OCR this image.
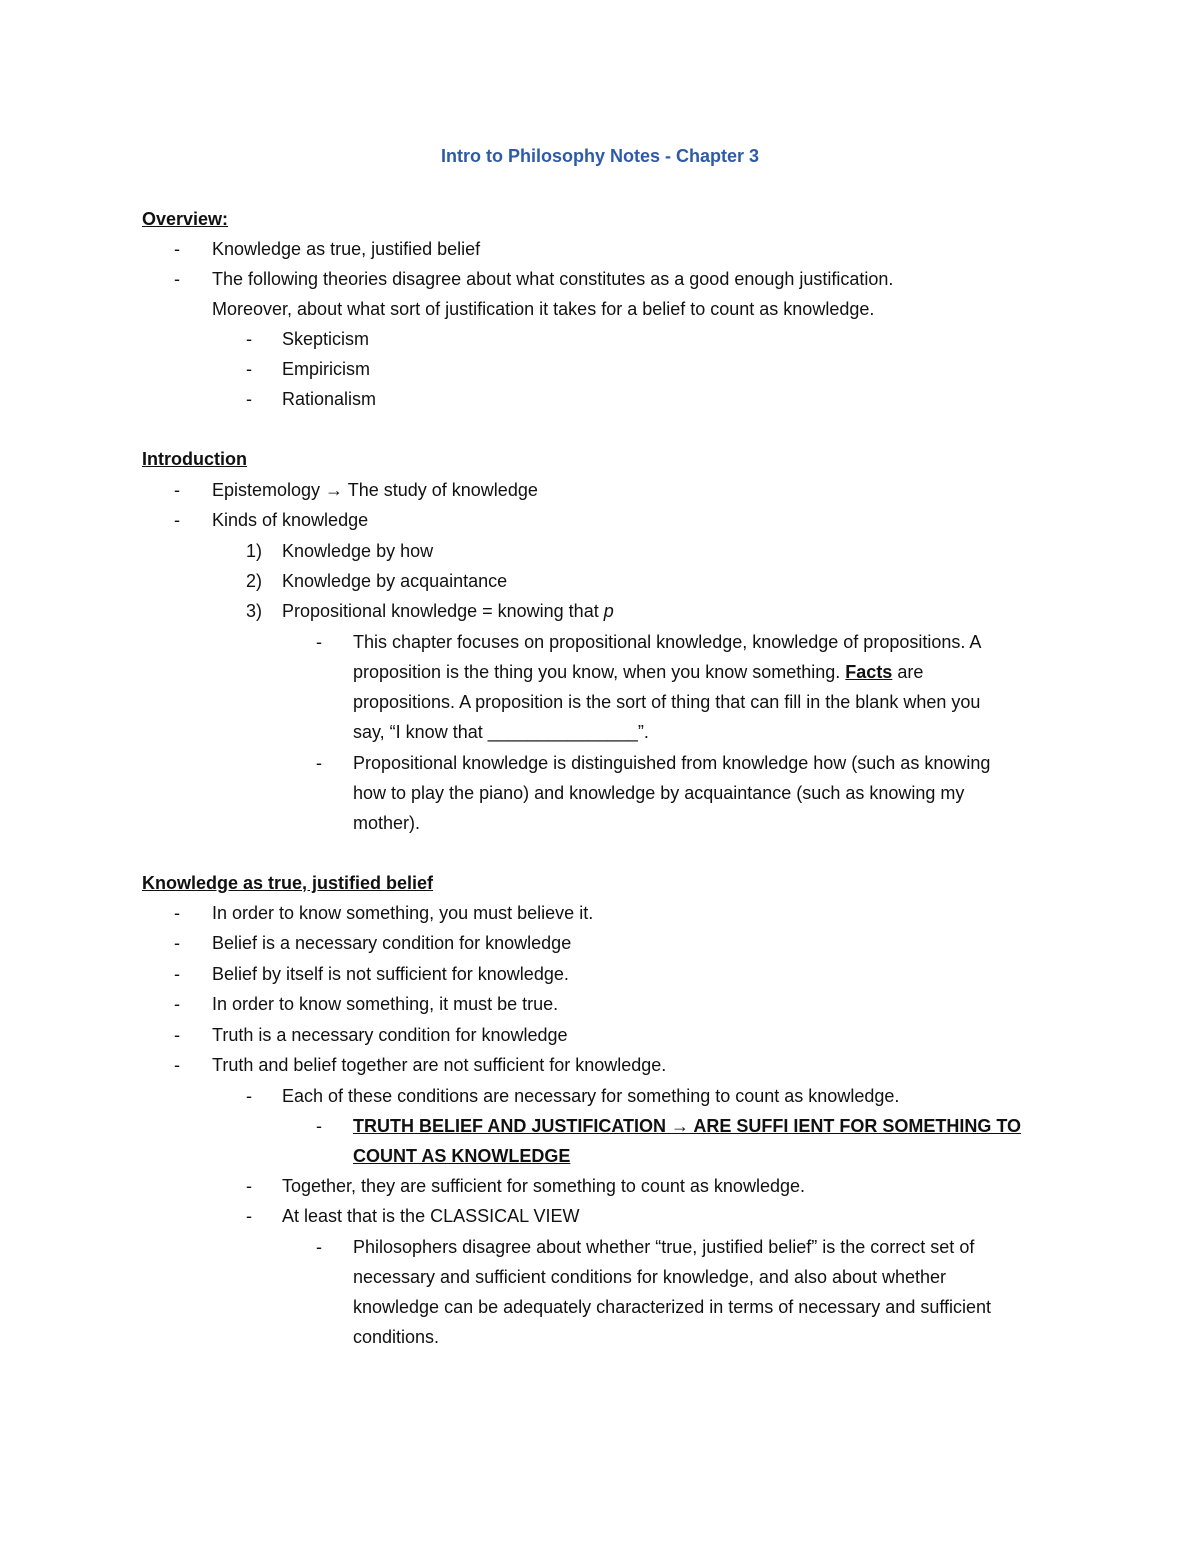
Intro to Philosophy Notes - Chapter 3
Overview:
- Knowledge as true, justified belief
- The following theories disagree about what constitutes as a good enough justification.
Moreover, about what sort of justification it takes for a belief to count as knowledge.
- Skepticism
- Empiricism
- Rationalism
Introduction
- Epistemology → The study of knowledge
- Kinds of knowledge
1) Knowledge by how
2) Knowledge by acquaintance
3) Propositional knowledge = knowing that p
- This chapter focuses on propositional knowledge, knowledge of propositions. A
proposition is the thing you know, when you know something. Facts are
propositions. A proposition is the sort of thing that can fill in the blank when you
say, “I know that _______________”.
- Propositional knowledge is distinguished from knowledge how (such as knowing
how to play the piano) and knowledge by acquaintance (such as knowing my
mother).
Knowledge as true, justified belief
- In order to know something, you must believe it.
- Belief is a necessary condition for knowledge
- Belief by itself is not sufficient for knowledge.
- In order to know something, it must be true.
- Truth is a necessary condition for knowledge
- Truth and belief together are not sufficient for knowledge.
- Each of these conditions are necessary for something to count as knowledge.
- TRUTH BELIEF AND JUSTIFICATION → ARE SUFFI IENT FOR SOMETHING TO
COUNT AS KNOWLEDGE
- Together, they are sufficient for something to count as knowledge.
- At least that is the CLASSICAL VIEW
- Philosophers disagree about whether “true, justified belief” is the correct set of
necessary and sufficient conditions for knowledge, and also about whether
knowledge can be adequately characterized in terms of necessary and sufficient
conditions.
